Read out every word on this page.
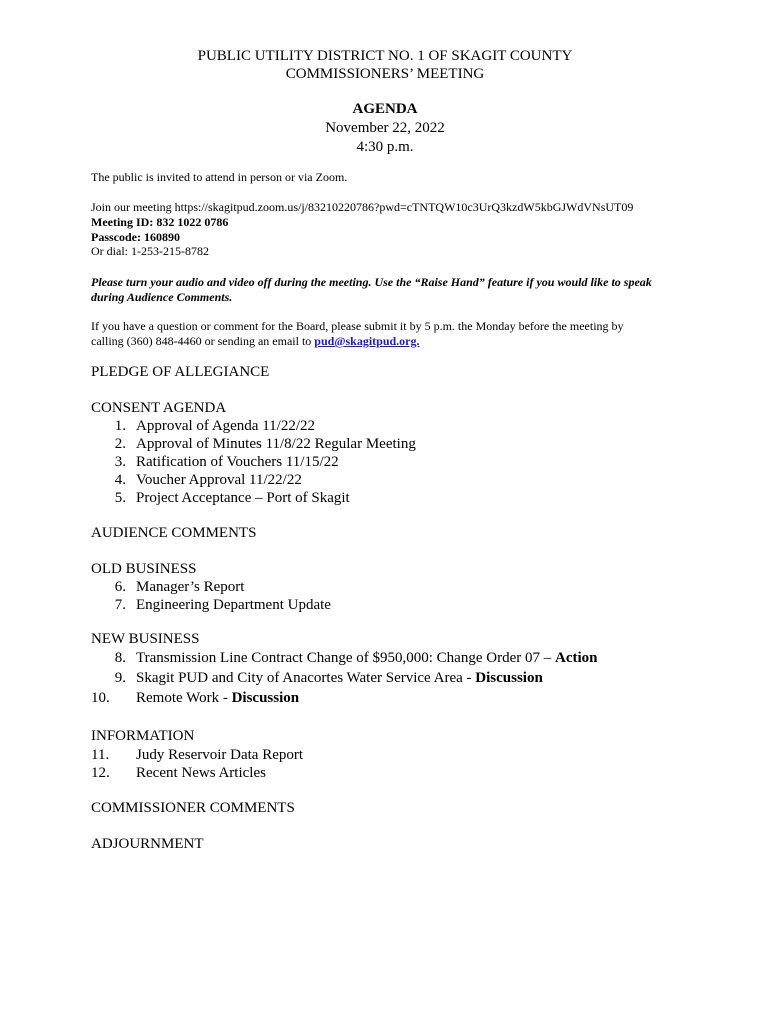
PUBLIC UTILITY DISTRICT NO. 1 OF SKAGIT COUNTY
COMMISSIONERS’ MEETING
AGENDA
November 22, 2022
4:30 p.m.
The public is invited to attend in person or via Zoom.
Join our meeting https://skagitpud.zoom.us/j/83210220786?pwd=cTNTQW10c3UrQ3kzdW5kbGJWdVNsUT09
Meeting ID: 832 1022 0786
Passcode: 160890
Or dial: 1-253-215-8782
Please turn your audio and video off during the meeting. Use the “Raise Hand” feature if you would like to speak
during Audience Comments.
If you have a question or comment for the Board, please submit it by 5 p.m. the Monday before the meeting by
calling (360) 848-4460 or sending an email to pud@skagitpud.org.
PLEDGE OF ALLEGIANCE
CONSENT AGENDA
1. Approval of Agenda 11/22/22
2. Approval of Minutes 11/8/22 Regular Meeting
3. Ratification of Vouchers 11/15/22
4. Voucher Approval 11/22/22
5. Project Acceptance – Port of Skagit
AUDIENCE COMMENTS
OLD BUSINESS
6. Manager’s Report
7. Engineering Department Update
NEW BUSINESS
8. Transmission Line Contract Change of $950,000: Change Order 07 – Action
9. Skagit PUD and City of Anacortes Water Service Area - Discussion
10. Remote Work - Discussion
INFORMATION
11. Judy Reservoir Data Report
12. Recent News Articles
COMMISSIONER COMMENTS
ADJOURNMENT
